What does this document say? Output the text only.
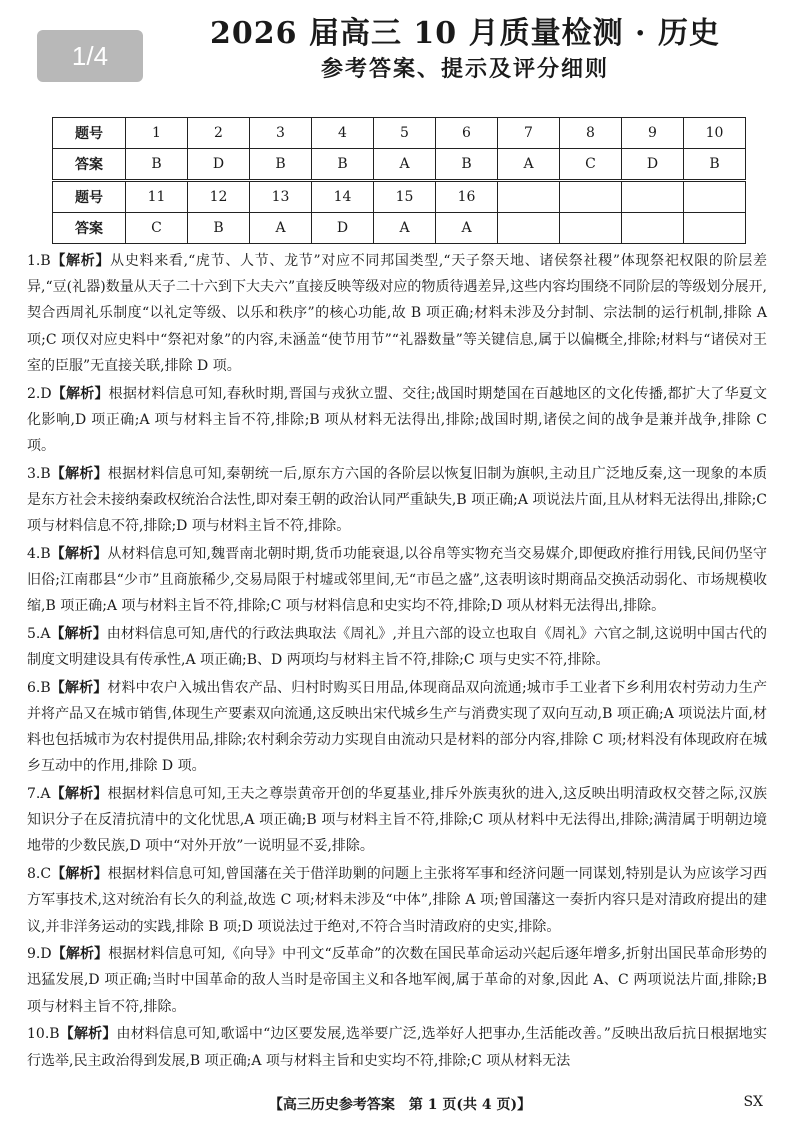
1/4
2026 届高三 10 月质量检测 · 历史
参考答案、提示及评分细则
题号	1	2	3	4	5	6	7	8	9	10
答案	B	D	B	B	A	B	A	C	D	B
题号	11	12	13	14	15	16				
答案	C	B	A	D	A	A				

1.B【解析】从史料来看,“虎节、人节、龙节”对应不同邦国类型,“天子祭天地、诸侯祭社稷”体现祭祀权限的阶层差异,“豆(礼器)数量从天子二十六到下大夫六”直接反映等级对应的物质待遇差异,这些内容均围绕不同阶层的等级划分展开,契合西周礼乐制度“以礼定等级、以乐和秩序”的核心功能,故 B 项正确;材料未涉及分封制、宗法制的运行机制,排除 A 项;C 项仅对应史料中“祭祀对象”的内容,未涵盖“使节用节”“礼器数量”等关键信息,属于以偏概全,排除;材料与“诸侯对王室的臣服”无直接关联,排除 D 项。

2.D【解析】根据材料信息可知,春秋时期,晋国与戎狄立盟、交往;战国时期楚国在百越地区的文化传播,都扩大了华夏文化影响,D 项正确;A 项与材料主旨不符,排除;B 项从材料无法得出,排除;战国时期,诸侯之间的战争是兼并战争,排除 C 项。

3.B【解析】根据材料信息可知,秦朝统一后,原东方六国的各阶层以恢复旧制为旗帜,主动且广泛地反秦,这一现象的本质是东方社会未接纳秦政权统治合法性,即对秦王朝的政治认同严重缺失,B 项正确;A 项说法片面,且从材料无法得出,排除;C 项与材料信息不符,排除;D 项与材料主旨不符,排除。

4.B【解析】从材料信息可知,魏晋南北朝时期,货币功能衰退,以谷帛等实物充当交易媒介,即便政府推行用钱,民间仍坚守旧俗;江南郡县“少市”且商旅稀少,交易局限于村墟或邻里间,无“市邑之盛”,这表明该时期商品交换活动弱化、市场规模收缩,B 项正确;A 项与材料主旨不符,排除;C 项与材料信息和史实均不符,排除;D 项从材料无法得出,排除。

5.A【解析】由材料信息可知,唐代的行政法典取法《周礼》,并且六部的设立也取自《周礼》六官之制,这说明中国古代的制度文明建设具有传承性,A 项正确;B、D 两项均与材料主旨不符,排除;C 项与史实不符,排除。

6.B【解析】材料中农户入城出售农产品、归村时购买日用品,体现商品双向流通;城市手工业者下乡利用农村劳动力生产并将产品又在城市销售,体现生产要素双向流通,这反映出宋代城乡生产与消费实现了双向互动,B 项正确;A 项说法片面,材料也包括城市为农村提供用品,排除;农村剩余劳动力实现自由流动只是材料的部分内容,排除 C 项;材料没有体现政府在城乡互动中的作用,排除 D 项。

7.A【解析】根据材料信息可知,王夫之尊崇黄帝开创的华夏基业,排斥外族夷狄的进入,这反映出明清政权交替之际,汉族知识分子在反清抗清中的文化忧思,A 项正确;B 项与材料主旨不符,排除;C 项从材料中无法得出,排除;满清属于明朝边境地带的少数民族,D 项中“对外开放”一说明显不妥,排除。

8.C【解析】根据材料信息可知,曾国藩在关于借洋助剿的问题上主张将军事和经济问题一同谋划,特别是认为应该学习西方军事技术,这对统治有长久的利益,故选 C 项;材料未涉及“中体”,排除 A 项;曾国藩这一奏折内容只是对清政府提出的建议,并非洋务运动的实践,排除 B 项;D 项说法过于绝对,不符合当时清政府的史实,排除。

9.D【解析】根据材料信息可知,《向导》中刊文“反革命”的次数在国民革命运动兴起后逐年增多,折射出国民革命形势的迅猛发展,D 项正确;当时中国革命的敌人当时是帝国主义和各地军阀,属于革命的对象,因此 A、C 两项说法片面,排除;B 项与材料主旨不符,排除。

10.B【解析】由材料信息可知,歌谣中“边区要发展,选举要广泛,选举好人把事办,生活能改善。”反映出敌后抗日根据地实行选举,民主政治得到发展,B 项正确;A 项与材料主旨和史实均不符,排除;C 项从材料无法

【高三历史参考答案　第 1 页(共 4 页)】	SX
